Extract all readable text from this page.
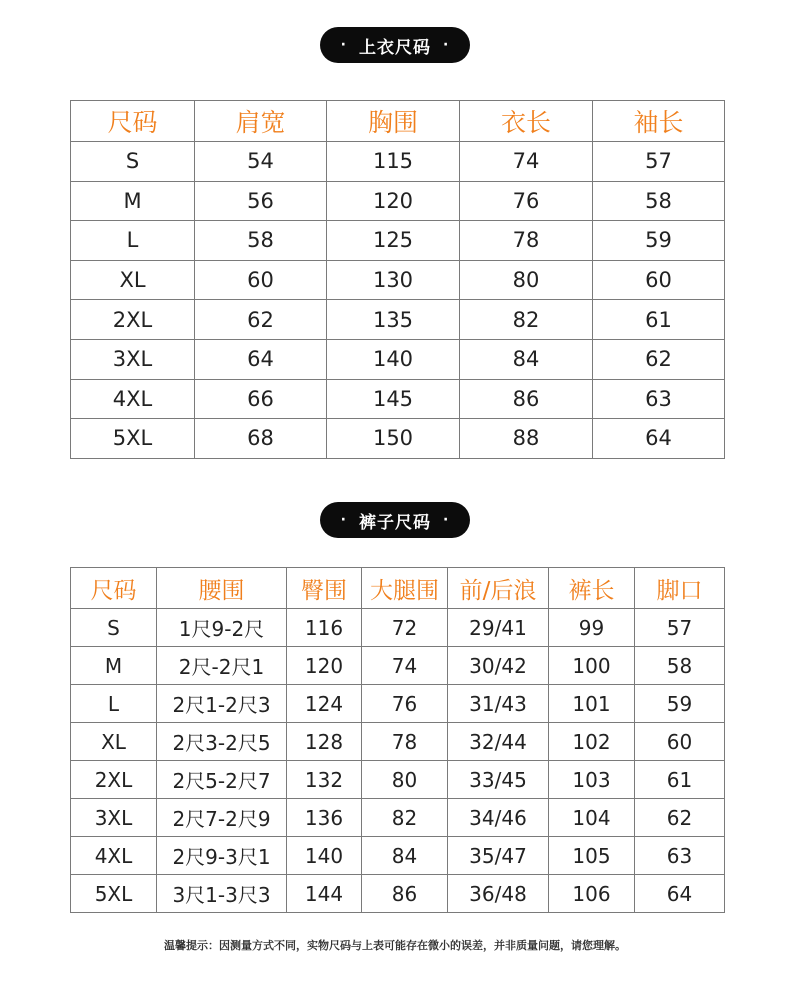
· 上衣尺码 ·
尺码	肩宽	胸围	衣长	袖长
S	54	115	74	57
M	56	120	76	58
L	58	125	78	59
XL	60	130	80	60
2XL	62	135	82	61
3XL	64	140	84	62
4XL	66	145	86	63
5XL	68	150	88	64
· 裤子尺码 ·
尺码	腰围	臀围	大腿围	前/后浪	裤长	脚口
S	1尺9-2尺	116	72	29/41	99	57
M	2尺-2尺1	120	74	30/42	100	58
L	2尺1-2尺3	124	76	31/43	101	59
XL	2尺3-2尺5	128	78	32/44	102	60
2XL	2尺5-2尺7	132	80	33/45	103	61
3XL	2尺7-2尺9	136	82	34/46	104	62
4XL	2尺9-3尺1	140	84	35/47	105	63
5XL	3尺1-3尺3	144	86	36/48	106	64
温馨提示：因测量方式不同，实物尺码与上表可能存在微小的误差，并非质量问题，请您理解。
